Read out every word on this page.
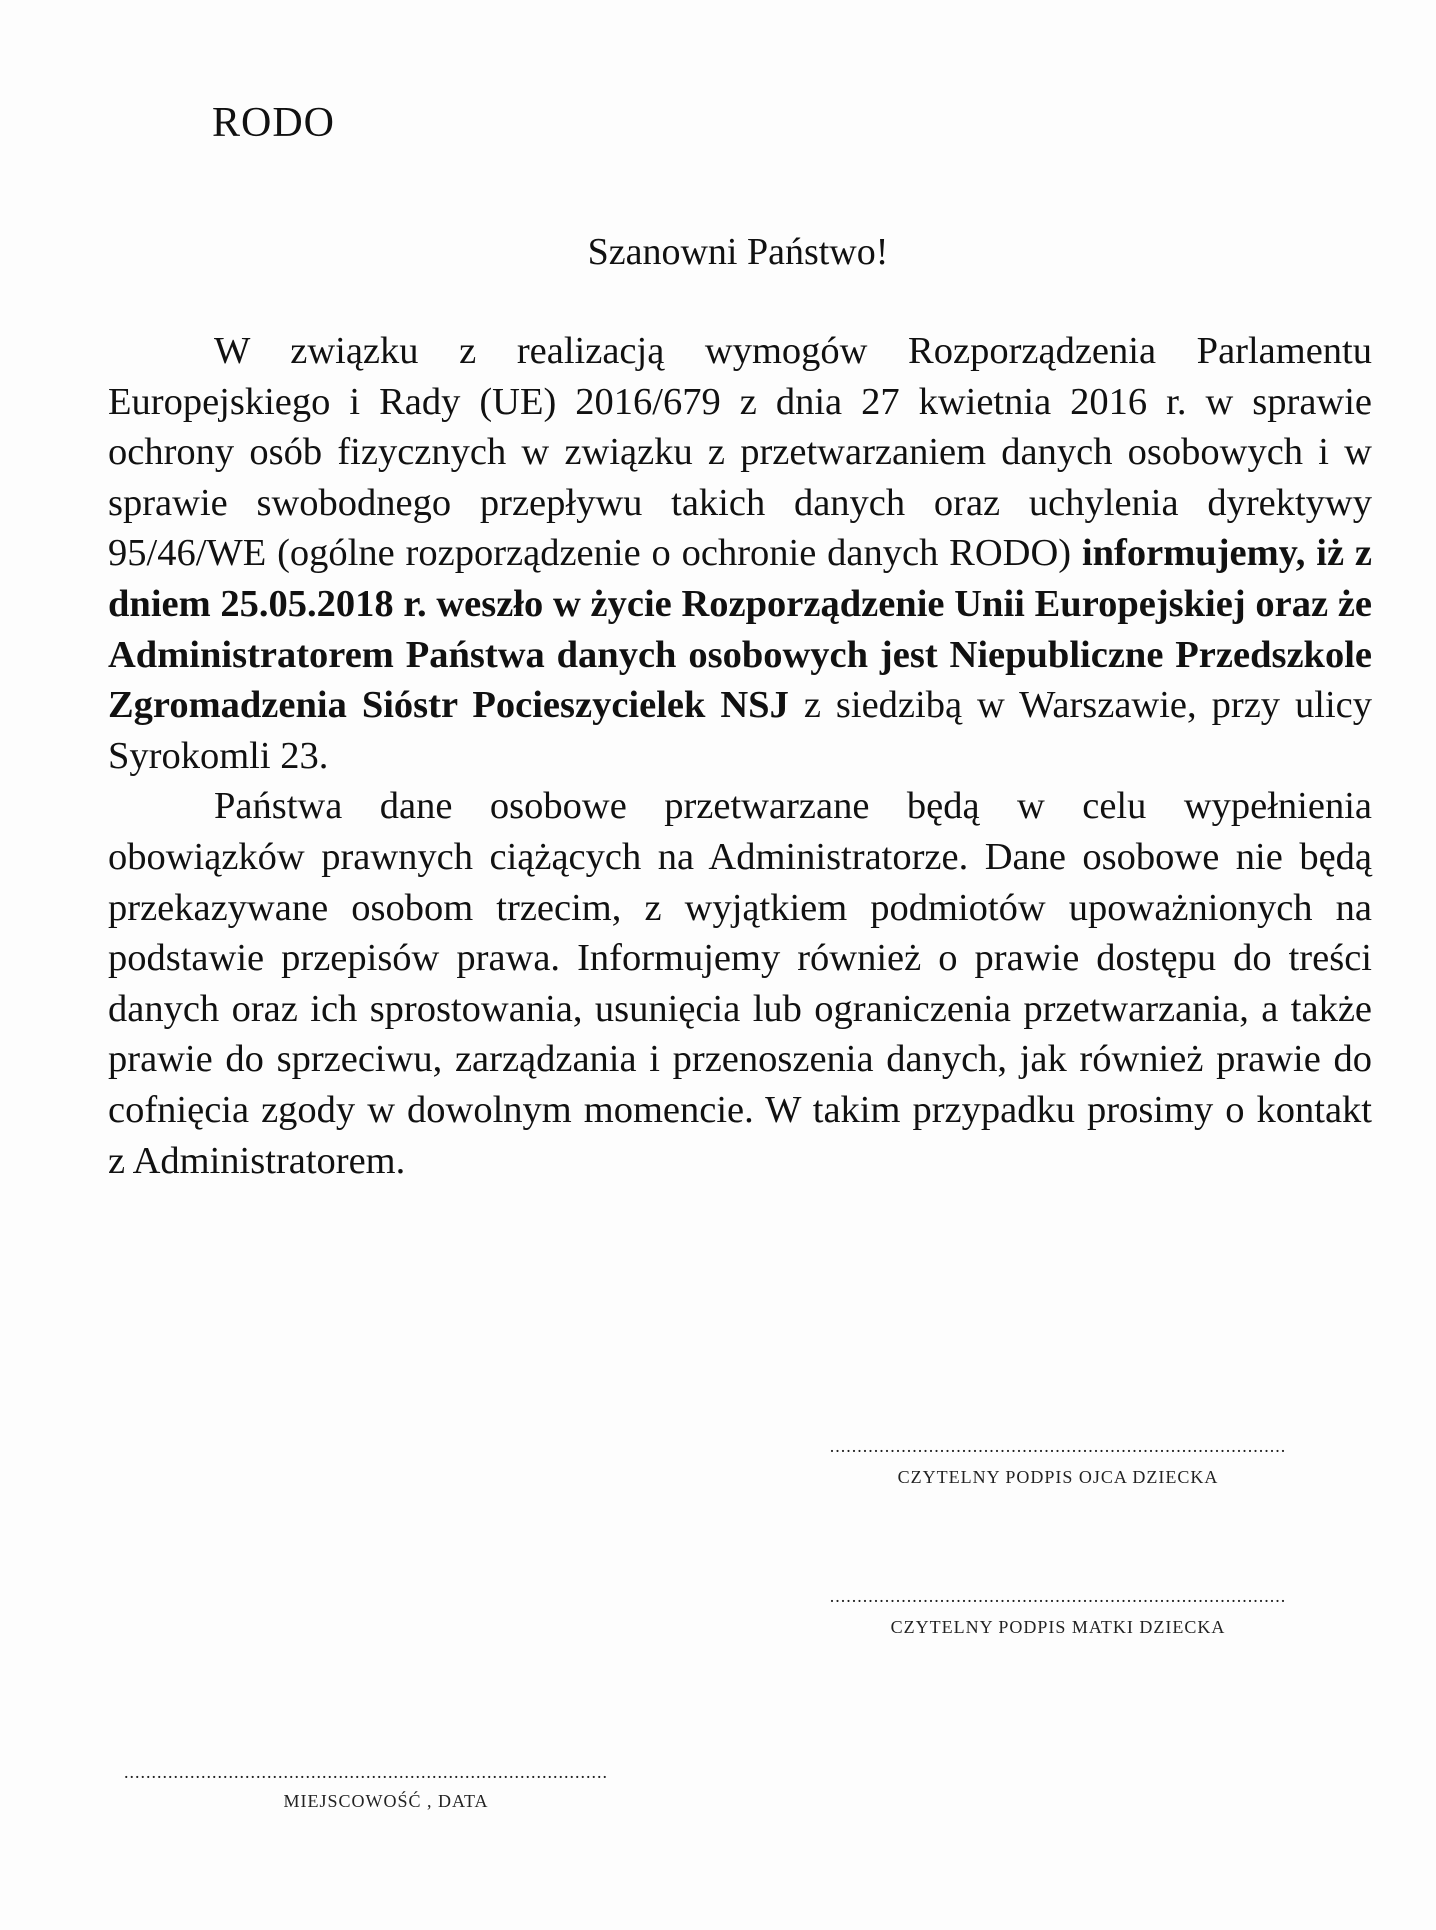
RODO
Szanowni Państwo!

W związku z realizacją wymogów Rozporządzenia Parlamentu Europejskiego i Rady (UE) 2016/679 z dnia 27 kwietnia 2016 r. w sprawie ochrony osób fizycznych w związku z przetwarzaniem danych osobowych i w sprawie swobodnego przepływu takich danych oraz uchylenia dyrektywy 95/46/WE (ogólne rozporządzenie o ochronie danych RODO) informujemy, iż z dniem 25.05.2018 r. weszło w życie Rozporządzenie Unii Europejskiej oraz że Administratorem Państwa danych osobowych jest Niepubliczne Przedszkole Zgromadzenia Sióstr Pocieszycielek NSJ z siedzibą w Warszawie, przy ulicy Syrokomli 23.

Państwa dane osobowe przetwarzane będą w celu wypełnienia obowiązków prawnych ciążących na Administratorze. Dane osobowe nie będą przekazywane osobom trzecim, z wyjątkiem podmiotów upoważnionych na podstawie przepisów prawa. Informujemy również o prawie dostępu do treści danych oraz ich sprostowania, usunięcia lub ograniczenia przetwarzania, a także prawie do sprzeciwu, zarządzania i przenoszenia danych, jak również prawie do cofnięcia zgody w dowolnym momencie. W takim przypadku prosimy o kontakt z Administratorem.

...................................................................................
CZYTELNY PODPIS OJCA DZIECKA
...................................................................................
CZYTELNY PODPIS MATKI DZIECKA
........................................................................................
MIEJSCOWOŚĆ , DATA
